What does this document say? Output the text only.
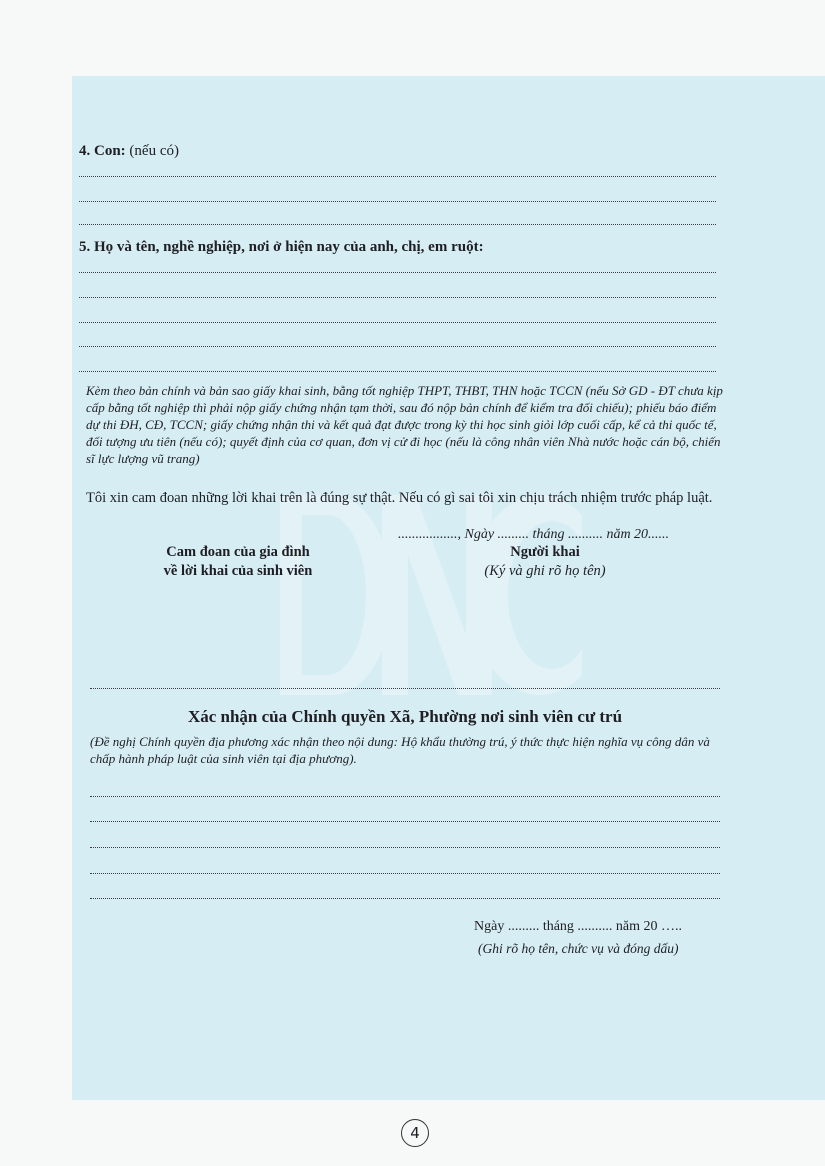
4. Con: (nếu có)
5. Họ và tên, nghề nghiệp, nơi ở hiện nay của anh, chị, em ruột:
Kèm theo bản chính và bản sao giấy khai sinh, bằng tốt nghiệp THPT, THBT, THN hoặc TCCN (nếu Sở GD - ĐT chưa kịp cấp bằng tốt nghiệp thì phải nộp giấy chứng nhận tạm thời, sau đó nộp bản chính để kiểm tra đối chiếu); phiếu báo điểm dự thi ĐH, CĐ, TCCN; giấy chứng nhận thi và kết quả đạt được trong kỳ thi học sinh giỏi lớp cuối cấp, kể cả thi quốc tế, đối tượng ưu tiên (nếu có); quyết định của cơ quan, đơn vị cử đi học (nếu là công nhân viên Nhà nước hoặc cán bộ, chiến sĩ lực lượng vũ trang)
Tôi xin cam đoan những lời khai trên là đúng sự thật. Nếu có gì sai tôi xin chịu trách nhiệm trước pháp luật.
................., Ngày ......... tháng .......... năm 20......
Cam đoan của gia đình
về lời khai của sinh viên
Người khai
(Ký và ghi rõ họ tên)
Xác nhận của Chính quyền Xã, Phường nơi sinh viên cư trú
(Đề nghị Chính quyền địa phương xác nhận theo nội dung: Hộ khẩu thường trú, ý thức thực hiện nghĩa vụ công dân và chấp hành pháp luật của sinh viên tại địa phương).
Ngày ......... tháng .......... năm 20 …..
(Ghi rõ họ tên, chức vụ và đóng dấu)
4
